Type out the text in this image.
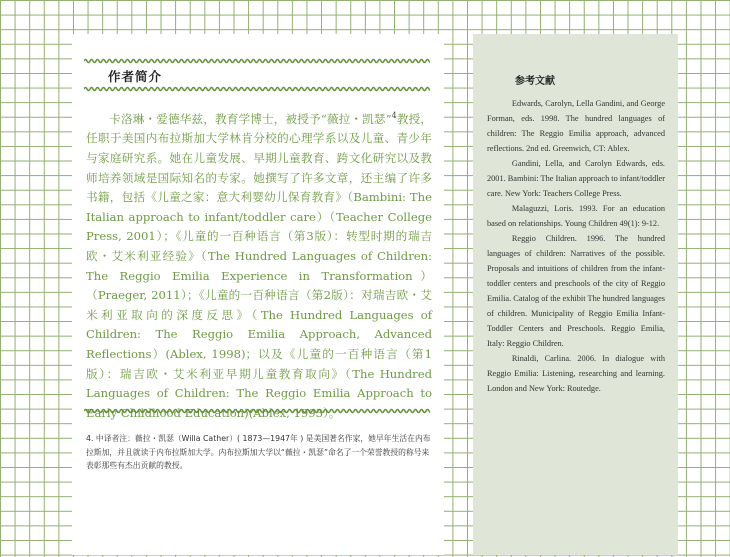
作者简介
卡洛琳・爱德华兹，教育学博士，被授予“薇拉・凯瑟”$^4$教授，任职于美国内布拉斯加大学林肯分校的心理学系以及儿童、青少年与家庭研究系。她在儿童发展、早期儿童教育、跨文化研究以及教师培养领域是国际知名的专家。她撰写了许多文章，还主编了许多书籍，包括《儿童之家：意大利婴幼儿保育教育》（Bambini: The Italian approach to infant/toddler care）（Teacher College Press, 2001）；《儿童的一百种语言（第3版）：转型时期的瑞吉欧・艾米利亚经验》（The Hundred Languages of Children: The Reggio Emilia Experience in Transformation）（Praeger, 2011）；《儿童的一百种语言（第2版）：对瑞吉欧・艾米利亚取向的深度反思》（The Hundred Languages of Children: The Reggio Emilia Approach, Advanced Reflections）(Ablex, 1998)；以及《儿童的一百种语言（第1版）：瑞吉欧・艾米利亚早期儿童教育取向》（The Hundred Languages of Children: The Reggio Emilia Approach to Early Childhood Education)(Ablex, 1993）。
4. 中译者注：薇拉・凯瑟（Willa Cather）( 1873—1947年 ) 是美国著名作家，她早年生活在内布拉斯加，并且就读于内布拉斯加大学。内布拉斯加大学以“薇拉・凯瑟”命名了一个荣誉教授的称号来表彰那些有杰出贡献的教授。
参考文献

Edwards, Carolyn, Lella Gandini, and George Forman, eds. 1998. The hundred languages of children: The Reggio Emilia approach, advanced reflections. 2nd ed. Greenwich, CT: Ablex.

Gandini, Lella, and Carolyn Edwards, eds. 2001. Bambini: The Italian approach to infant/toddler care. New York: Teachers College Press.

Malaguzzi, Loris. 1993. For an education based on relationships. Young Children 49(1): 9-12.

Reggio Children. 1996. The hundred languages of children: Narratives of the possible. Proposals and intuitions of children from the infant-toddler centers and preschools of the city of Reggio Emilia. Catalog of the exhibit The hundred languages of children. Municipality of Reggio Emilia Infant-Toddler Centers and Preschools. Reggio Emilia, Italy: Reggio Children.

Rinaldi, Carlina. 2006. In dialogue with Reggio Emilia: Listening, researching and learning. London and New York: Routedge.
